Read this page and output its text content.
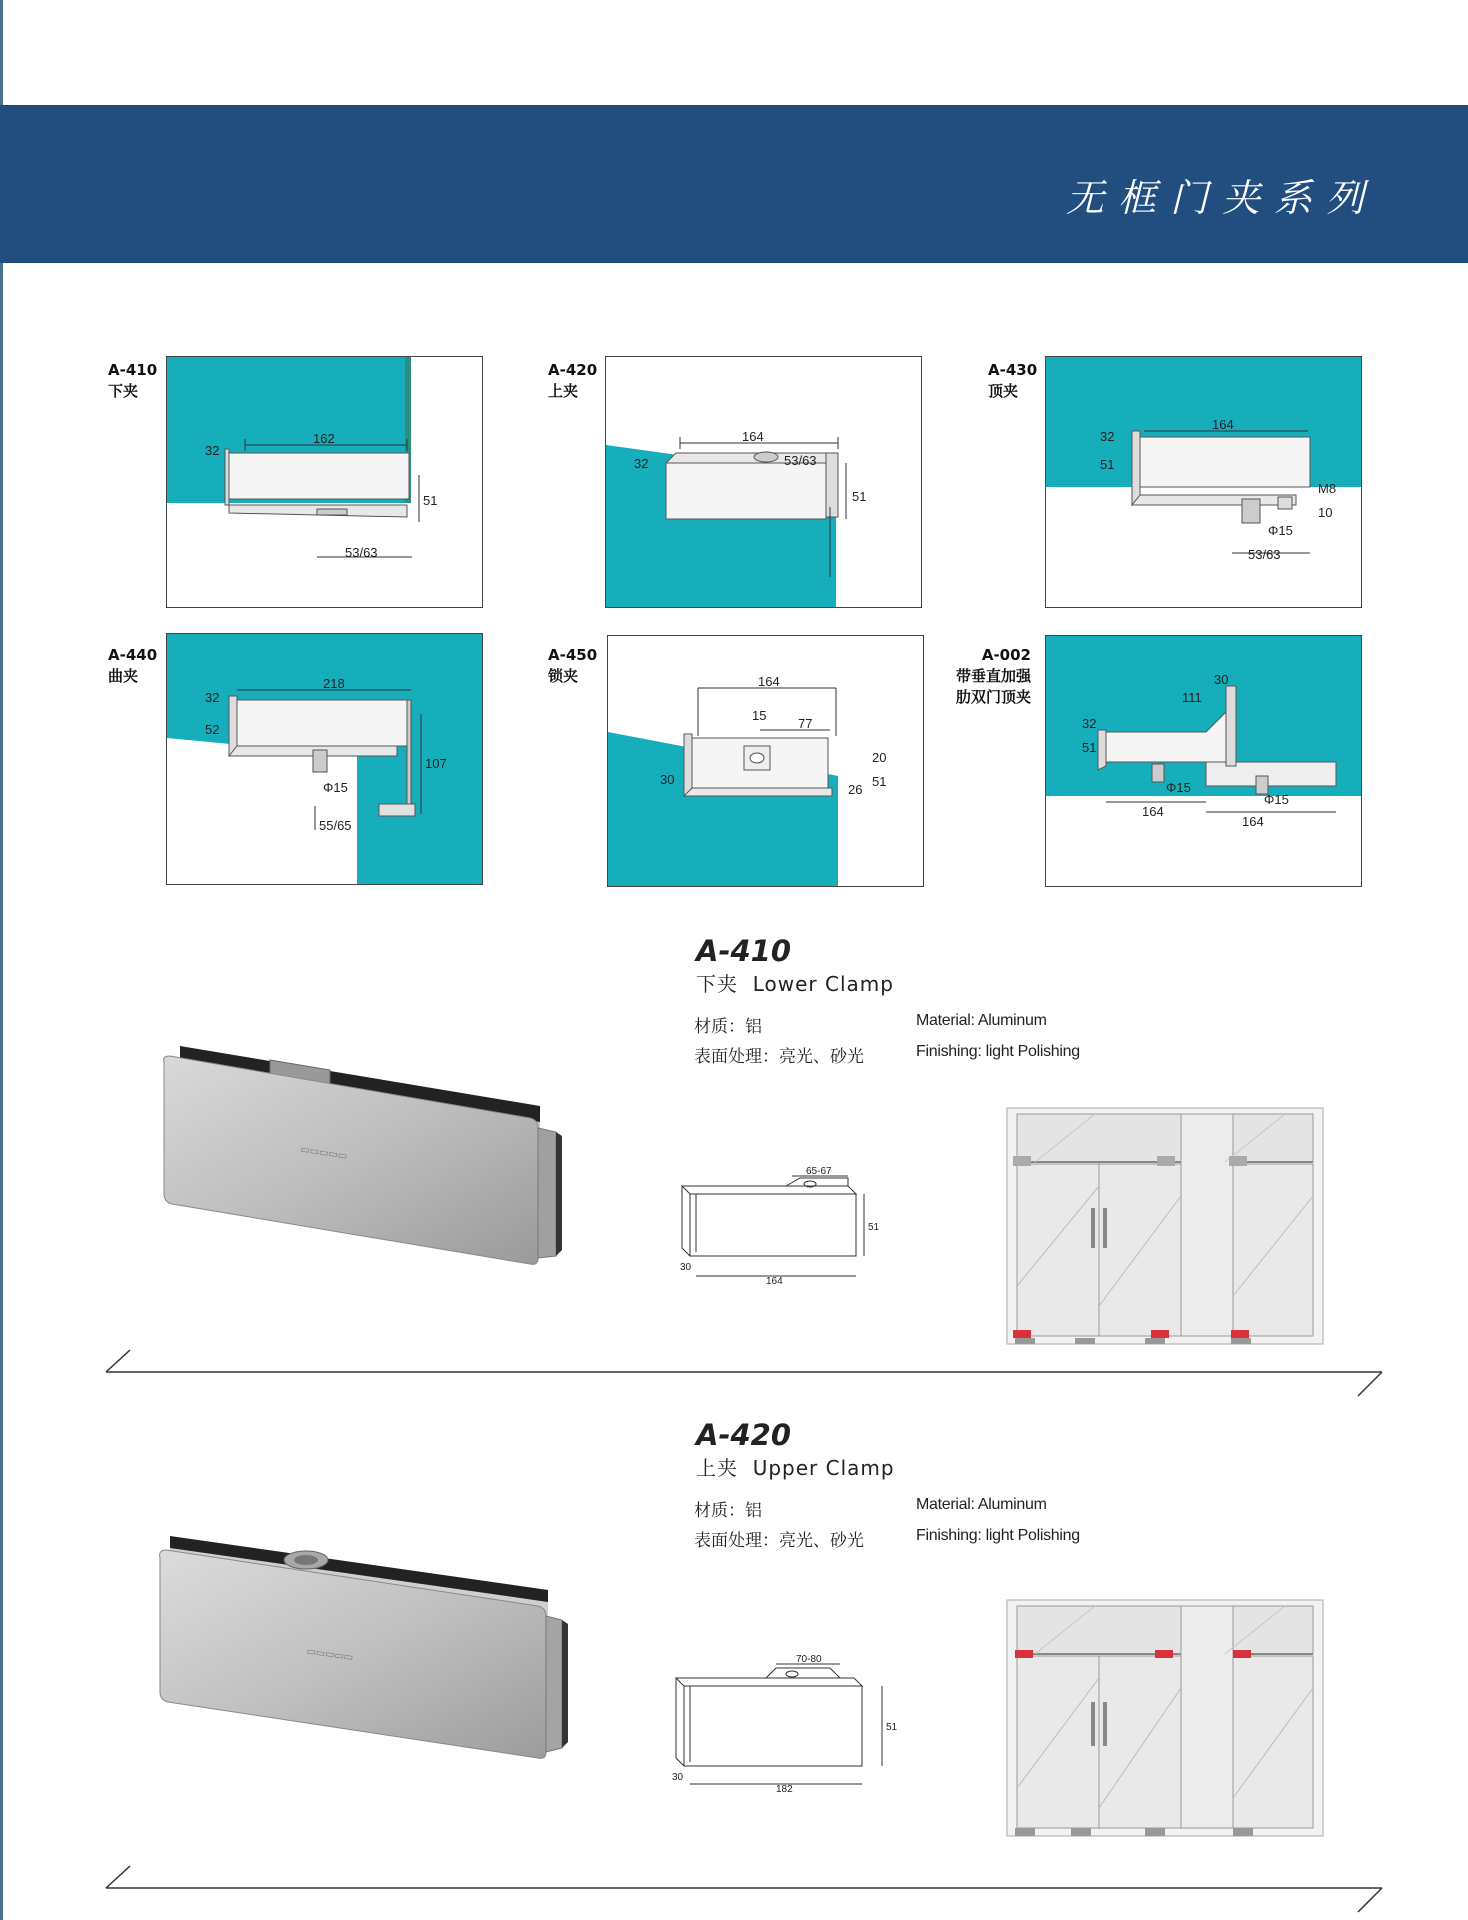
无框门夹系列
A-410
下夹
162
32
51
53/63
A-420
上夹
164
53/63
32
51
A-430
顶夹
164
32
51
M8
10
Φ15
53/63
A-440
曲夹	218
32
52
107
Φ15
55/65
A-450
锁夹	164
15
77
20
51
26
30
A-002
带垂直加强
肋双门顶夹
30
111
32
51
Φ15
Φ15
164
164
A-410
下夹 Lower Clamp
材质：铝
表面处理：亮光、砂光
Material: Aluminum
Finishing: light Polishing
▭▭▭▭▭
65-67
51
30
164
A-420
上夹 Upper Clamp
材质：铝
表面处理：亮光、砂光
Material: Aluminum
Finishing: light Polishing
▭▭▭▭▭	70-80
51
30
182
